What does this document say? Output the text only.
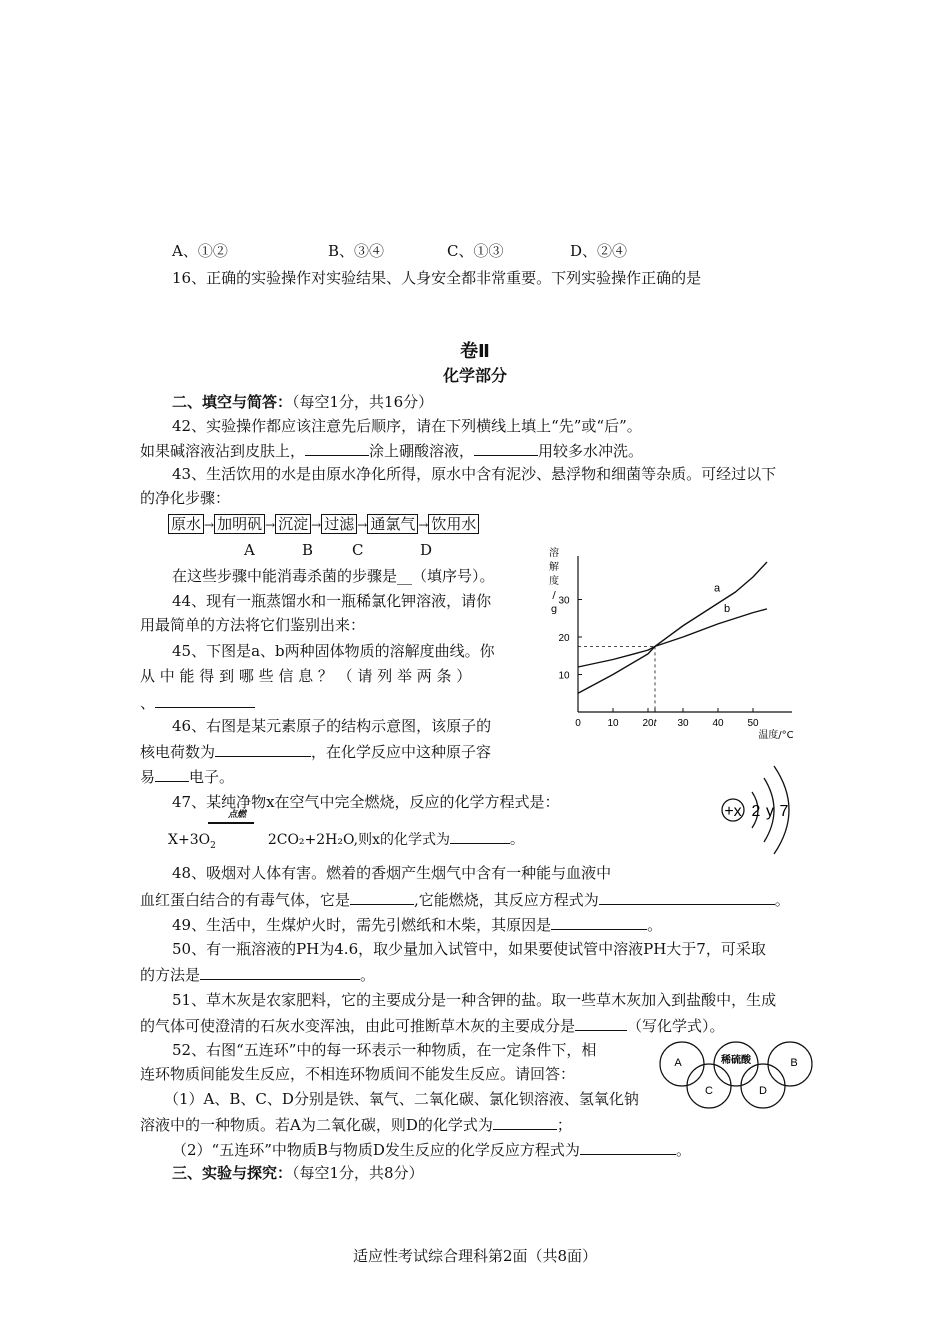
A、①②	B、③④	C、①③	D、②④
16、正确的实验操作对实验结果、人身安全都非常重要。下列实验操作正确的是
卷Ⅱ
化学部分
二、填空与简答：（每空1分，共16分）
42、实验操作都应该注意先后顺序，请在下列横线上填上“先”或“后”。
如果碱溶液沾到皮肤上，	涂上硼酸溶液，	用较多水冲洗。
43、生活饮用的水是由原水净化所得，原水中含有泥沙、悬浮物和细菌等杂质。可经过以下
的净化步骤：
原水 → 加明矾 → 沉淀 → 过滤 → 通氯气 → 饮用水
A	B	C	D
在这些步骤中能消毒杀菌的步骤是__（填序号）。
44、现有一瓶蒸馏水和一瓶稀氯化钾溶液，请你
用最简单的方法将它们鉴别出来：
45、下图是a、b两种固体物质的溶解度曲线。你
从 中 能 得 到 哪 些 信 息 ？ （ 请 列 举 两 条 ）
、
46、右图是某元素原子的结构示意图，该原子的
核电荷数为	，在化学反应中这种原子容
易 电子。
47、某纯净物x在空气中完全燃烧，反应的化学方程式是：
点燃
$X+3O_2$	2CO₂+2H₂O,则x的化学式为	。
+x 2 y 7
48、吸烟对人体有害。燃着的香烟产生烟气中含有一种能与血液中
血红蛋白结合的有毒气体，它是	,它能燃烧，其反应方程式为	。
49、生活中，生煤炉火时，需先引燃纸和木柴，其原因是	。
50、有一瓶溶液的PH为4.6，取少量加入试管中，如果要使试管中溶液PH大于7，可采取
的方法是	。
51、草木灰是农家肥料，它的主要成分是一种含钾的盐。取一些草木灰加入到盐酸中，生成
的气体可使澄清的石灰水变浑浊，由此可推断草木灰的主要成分是	（写化学式）。
52、右图“五连环”中的每一环表示一种物质，在一定条件下，相
连环物质间能发生反应，不相连环物质间不能发生反应。请回答：
（1）A、B、C、D分别是铁、氧气、二氧化碳、氯化钡溶液、氢氧化钠
溶液中的一种物质。若A为二氧化碳，则D的化学式为	；
（2）“五连环”中物质B与物质D发生反应的化学反应方程式为	。
A	稀硫酸	B
C	D
三、实验与探究：（每空1分，共8分）
适应性考试综合理科第2面（共8面）
0	10 20 t 30 40 50
10
20
30
溶
解
度
/
g
温度/°C
a
b
